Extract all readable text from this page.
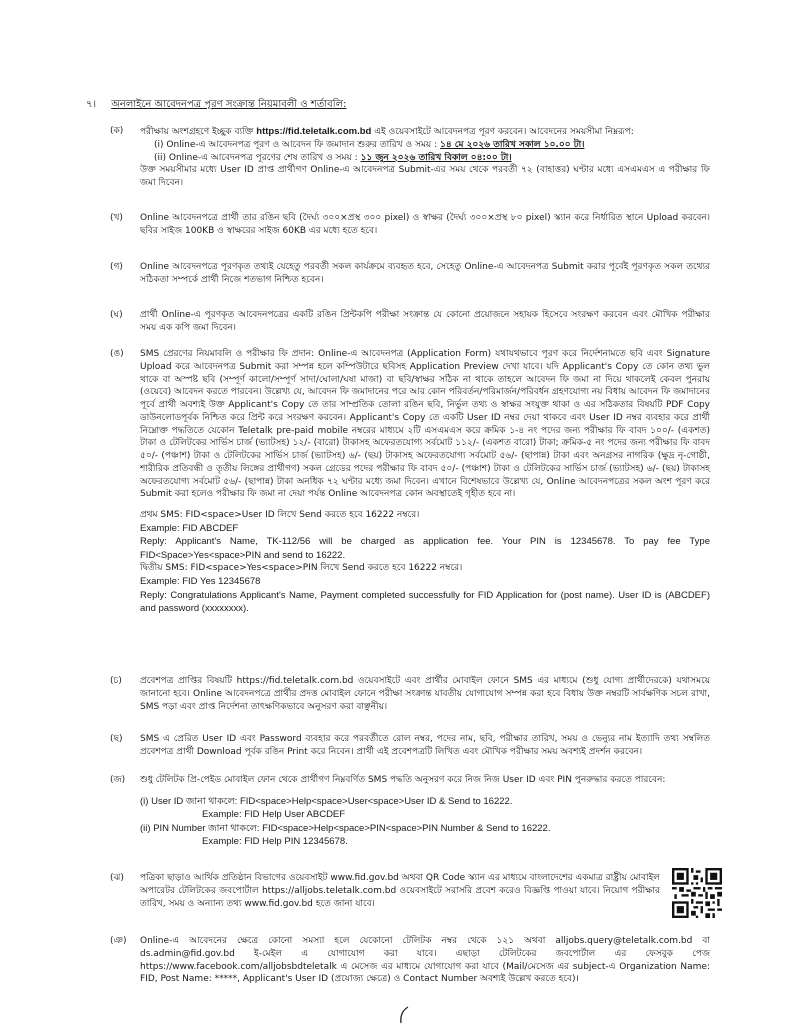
৭। অনলাইনে আবেদনপত্র পূরণ সংক্রান্ত নিয়মাবলী ও শর্তাবলি:
(ক)	পরীক্ষায় অংশগ্রহণে ইচ্ছুক ব্যক্তি https://fid.teletalk.com.bd এই ওয়েবসাইটে আবেদনপত্র পূরণ করবেন। আবেদনের সময়সীমা নিম্নরূপ:
(i) Online-এ আবেদনপত্র পূরণ ও আবেদন ফি জমাদান শুরুর তারিখ ও সময় : ১৪ মে ২০২৬ তারিখ সকাল ১০.০০ টা।
(ii) Online-এ আবেদনপত্র পূরণের শেষ তারিখ ও সময় : ১১ জুন ২০২৬ তারিখ বিকাল ০৪:০০ টা।
উক্ত সময়সীমার মধ্যে User ID প্রাপ্ত প্রার্থীগণ Online-এ আবেদনপত্র Submit-এর সময় থেকে পরবর্তী ৭২ (বাহাত্তর) ঘণ্টার মধ্যে এসএমএস এ পরীক্ষার ফি জমা দিবেন।
(খ)	Online আবেদনপত্রে প্রার্থী তার রঙিন ছবি (দৈর্ঘ্য ৩০০×প্রস্থ ৩০০ pixel) ও স্বাক্ষর (দৈর্ঘ্য ৩০০×প্রস্থ ৮০ pixel) স্ক্যান করে নির্ধারিত স্থানে Upload করবেন। ছবির সাইজ 100KB ও স্বাক্ষরের সাইজ 60KB এর মধ্যে হতে হবে।
(গ)	Online আবেদনপত্রে পূরণকৃত তথ্যই যেহেতু পরবর্তী সকল কার্যক্রমে ব্যবহৃত হবে, সেহেতু Online-এ আবেদনপত্র Submit করার পূর্বেই পূরণকৃত সকল তথ্যের সঠিকতা সম্পর্কে প্রার্থী নিজে শতভাগ নিশ্চিত হবেন।
(ঘ)	প্রার্থী Online-এ পূরণকৃত আবেদনপত্রের একটি রঙিন প্রিন্টকপি পরীক্ষা সংক্রান্ত যে কোনো প্রয়োজনে সহায়ক হিসেবে সংরক্ষণ করবেন এবং মৌখিক পরীক্ষার সময় এক কপি জমা দিবেন।
(ঙ)	SMS প্রেরণের নিয়মাবলি ও পরীক্ষার ফি প্রদান: Online-এ আবেদনপত্র (Application Form) যথাযথভাবে পূরণ করে নির্দেশনামতে ছবি এবং Signature Upload করে আবেদনপত্র Submit করা সম্পন্ন হলে কম্পিউটারে ছবিসহ Application Preview দেখা যাবে। যদি Applicant's Copy তে কোন তথ্য ভুল থাকে বা অস্পষ্ট ছবি (সম্পূর্ণ কালো/সম্পূর্ণ সাদা/ঘোলা/ঘষা মাজা) বা ছবি/স্বাক্ষর সঠিক না থাকে তাহলে আবেদন ফি জমা না দিয়ে থাকলেই কেবল পুনরায় (ওয়েবে) আবেদন করতে পারবেন। উল্লেখ্য যে, আবেদন ফি জমাদানের পরে আর কোন পরিবর্তন/পরিমার্জন/পরিবর্ধন গ্রহণযোগ্য নয় বিধায় আবেদন ফি জমাদানের পূর্বে প্রার্থী অবশ্যই উক্ত Applicant's Copy তে তার সাম্প্রতিক তোলা রঙিন ছবি, নির্ভুল তথ্য ও স্বাক্ষর সংযুক্ত থাকা ও এর সঠিকতার বিষয়টি PDF Copy ডাউনলোডপূর্বক নিশ্চিত করে প্রিন্ট করে সংরক্ষণ করবেন। Applicant's Copy তে একটি User ID নম্বর দেয়া থাকবে এবং User ID নম্বর ব্যবহার করে প্রার্থী নিম্নোক্ত পদ্ধতিতে যেকোন Teletalk pre-paid mobile নম্বরের মাধ্যমে ২টি এসএমএস করে ক্রমিক ১-৪ নং পদের জন্য পরীক্ষার ফি বাবদ ১০০/- (একশত) টাকা ও টেলিটকের সার্ভিস চার্জ (ভ্যাটসহ) ১২/- (বারো) টাকাসহ অফেরতযোগ্য সর্বমোট ১১২/- (একশত বারো) টাকা; ক্রমিক-৫ নং পদের জন্য পরীক্ষার ফি বাবদ ৫০/- (পঞ্চাশ) টাকা ও টেলিটকের সার্ভিস চার্জ (ভ্যাটসহ) ৬/- (ছয়) টাকাসহ অফেরতযোগ্য সর্বমোট ৫৬/- (ছাপান্ন) টাকা এবং অনগ্রসর নাগরিক (ক্ষুদ্র নৃ-গোষ্ঠী, শারীরিক প্রতিবন্ধী ও তৃতীয় লিঙ্গের প্রার্থীগণ) সকল গ্রেডের পদের পরীক্ষার ফি বাবদ ৫০/- (পঞ্চাশ) টাকা ও টেলিটকের সার্ভিস চার্জ (ভ্যাটসহ) ৬/- (ছয়) টাকাসহ অফেরতযোগ্য সর্বমোট ৫৬/- (ছাপান্ন) টাকা অনধিক ৭২ ঘণ্টার মধ্যে জমা দিবেন। এখানে বিশেষভাবে উল্লেখ্য যে, Online আবেদনপত্রের সকল অংশ পূরণ করে Submit করা হলেও পরীক্ষার ফি জমা না দেয়া পর্যন্ত Online আবেদনপত্র কোন অবস্থাতেই গৃহীত হবে না।
প্রথম SMS: FID<space>User ID লিখে Send করতে হবে 16222 নম্বরে।
Example: FID ABCDEF
Reply: Applicant's Name, TK-112/56 will be charged as application fee. Your PIN is 12345678. To pay fee Type FID<Space>Yes<space>PIN and send to 16222.
দ্বিতীয় SMS: FID<space>Yes<space>PIN লিখে Send করতে হবে 16222 নম্বরে।
Example: FID Yes 12345678
Reply: Congratulations Applicant's Name, Payment completed successfully for FID Application for (post name). User ID is (ABCDEF) and password (xxxxxxxx).
(চ)	প্রবেশপত্র প্রাপ্তির বিষয়টি https://fid.teletalk.com.bd ওয়েবসাইটে এবং প্রার্থীর মোবাইল ফোনে SMS এর মাধ্যমে (শুধু যোগ্য প্রার্থীদেরকে) যথাসময়ে জানানো হবে। Online আবেদনপত্রে প্রার্থীর প্রদত্ত মোবাইল ফোনে পরীক্ষা সংক্রান্ত যাবতীয় যোগাযোগ সম্পন্ন করা হবে বিধায় উক্ত নম্বরটি সার্বক্ষণিক সচল রাখা, SMS পড়া এবং প্রাপ্ত নির্দেশনা তাৎক্ষণিকভাবে অনুসরণ করা বাঞ্ছনীয়।
(ছ)	SMS এ প্রেরিত User ID এবং Password ব্যবহার করে পরবর্তীতে রোল নম্বর, পদের নাম, ছবি, পরীক্ষার তারিখ, সময় ও ভেন্যুর নাম ইত্যাদি তথ্য সম্বলিত প্রবেশপত্র প্রার্থী Download পূর্বক রঙিন Print করে নিবেন। প্রার্থী এই প্রবেশপত্রটি লিখিত এবং মৌখিক পরীক্ষার সময় অবশ্যই প্রদর্শন করবেন।
(জ)	শুধু টেলিটক প্রি-পেইড মোবাইল ফোন থেকে প্রার্থীগণ নিম্নবর্ণিত SMS পদ্ধতি অনুসরণ করে নিজ নিজ User ID এবং PIN পুনরুদ্ধার করতে পারবেন:
(i) User ID জানা থাকলে: FID<space>Help<space>User<space>User ID & Send to 16222.
Example: FID Help User ABCDEF
(ii) PIN Number জানা থাকলে: FID<space>Help<space>PIN<space>PIN Number & Send to 16222.
Example: FID Help PIN 12345678.
(ঝ)	পত্রিকা ছাড়াও আর্থিক প্রতিষ্ঠান বিভাগের ওয়েবসাইট www.fid.gov.bd অথবা QR Code স্ক্যান এর মাধ্যমে বাংলাদেশের একমাত্র রাষ্ট্রীয় মোবাইল অপারেটর টেলিটকের জবপোর্টাল https://alljobs.teletalk.com.bd ওয়েবসাইটে সরাসরি প্রবেশ করেও বিজ্ঞপ্তি পাওয়া যাবে। নিয়োগ পরীক্ষার তারিখ, সময় ও অন্যান্য তথ্য www.fid.gov.bd হতে জানা যাবে।
(ঞ)	Online-এ আবেদনের ক্ষেত্রে কোনো সমস্যা হলে যেকোনো টেলিটক নম্বর থেকে ১২১ অথবা alljobs.query@teletalk.com.bd বা ds.admin@fid.gov.bd ই-মেইল এ যোগাযোগ করা যাবে। এছাড়া টেলিটকের জবপোর্টাল এর ফেসবুক পেজ https://www.facebook.com/alljobsbdteletalk এ মেসেজ এর মাধ্যমে যোগাযোগ করা যাবে (Mail/মেসেজ এর subject-এ Organization Name: FID, Post Name: *****, Applicant's User ID (প্রযোজ্য ক্ষেত্রে) ও Contact Number অবশ্যই উল্লেখ করতে হবে)।
